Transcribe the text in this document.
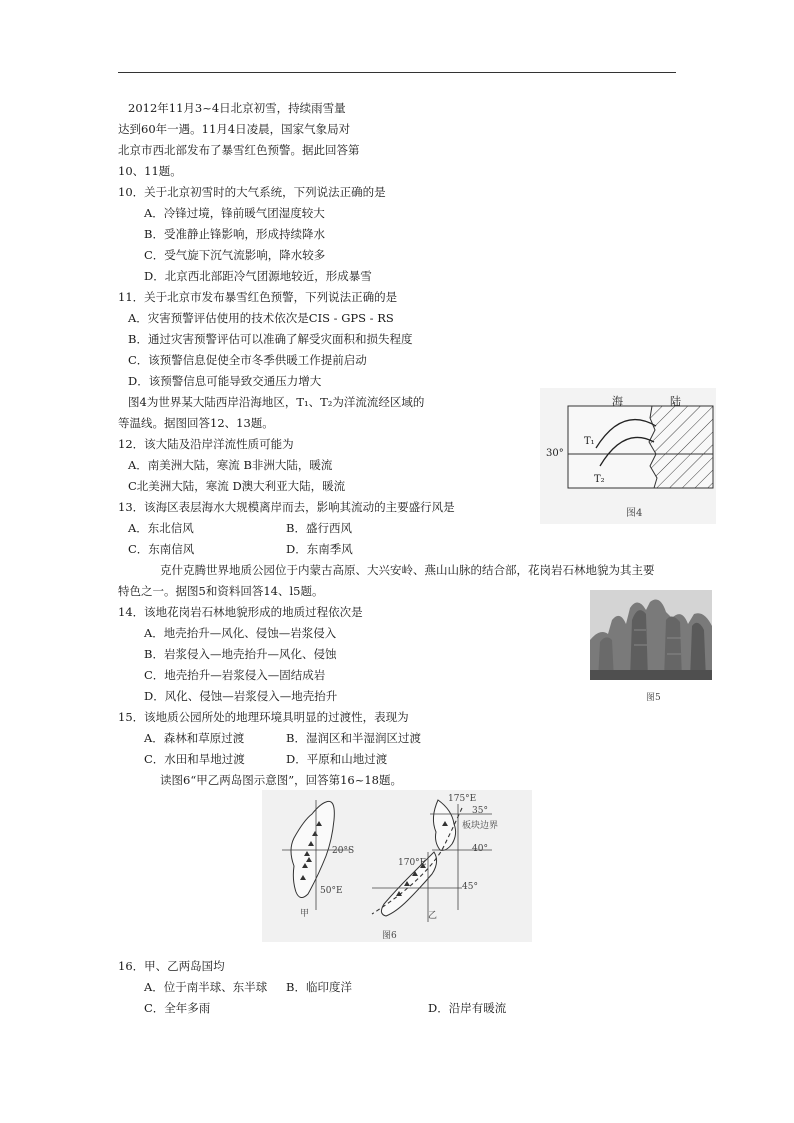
2012年11月3~4日北京初雪，持续雨雪量
达到60年一遇。11月4日凌晨，国家气象局对
北京市西北部发布了暴雪红色预警。据此回答第
10、11题。
10．关于北京初雪时的大气系统，下列说法正确的是
A．冷锋过境，锋前暖气团湿度较大
B．受准静止锋影响，形成持续降水
C．受气旋下沉气流影响，降水较多
D．北京西北部距冷气团源地较近，形成暴雪
11．关于北京市发布暴雪红色预警，下列说法正确的是
A．灾害预警评估使用的技术依次是CIS - GPS - RS
B．通过灾害预警评估可以准确了解受灾面积和损失程度
C．该预警信息促使全市冬季供暖工作提前启动
D．该预警信息可能导致交通压力增大
图4为世界某大陆西岸沿海地区，T₁、T₂为洋流流经区域的
等温线。据图回答12、13题。
12．该大陆及沿岸洋流性质可能为
A．南美洲大陆，寒流 B非洲大陆，暖流
C北美洲大陆，寒流 D澳大利亚大陆，暖流
13．该海区表层海水大规模离岸而去，影响其流动的主要盛行风是
A．东北信风	B．盛行西风
C．东南信风	D．东南季风
克什克腾世界地质公园位于内蒙古高原、大兴安岭、燕山山脉的结合部，花岗岩石林地貌为其主要
特色之一。据图5和资料回答14、l5题。
14．该地花岗岩石林地貌形成的地质过程依次是
A．地壳抬升—风化、侵蚀—岩浆侵入
B．岩浆侵入—地壳抬升—风化、侵蚀
C．地壳抬升—岩浆侵入—固结成岩
D．风化、侵蚀—岩浆侵入—地壳抬升
15．该地质公园所处的地理环境具明显的过渡性，表现为
A．森林和草原过渡	B．湿润区和半湿润区过渡
C．水田和旱地过渡	D．平原和山地过渡
读图6“甲乙两岛图示意图”，回答第16~18题。
16．甲、乙两岛国均
A．位于南半球、东半球 B．临印度洋
C．全年多雨	D．沿岸有暖流
海	陆
T₁
30°
T₂
图4
图5
20°S
50°E
甲
175°E
35°
板块边界
40°
170°E
45°
乙
图6
